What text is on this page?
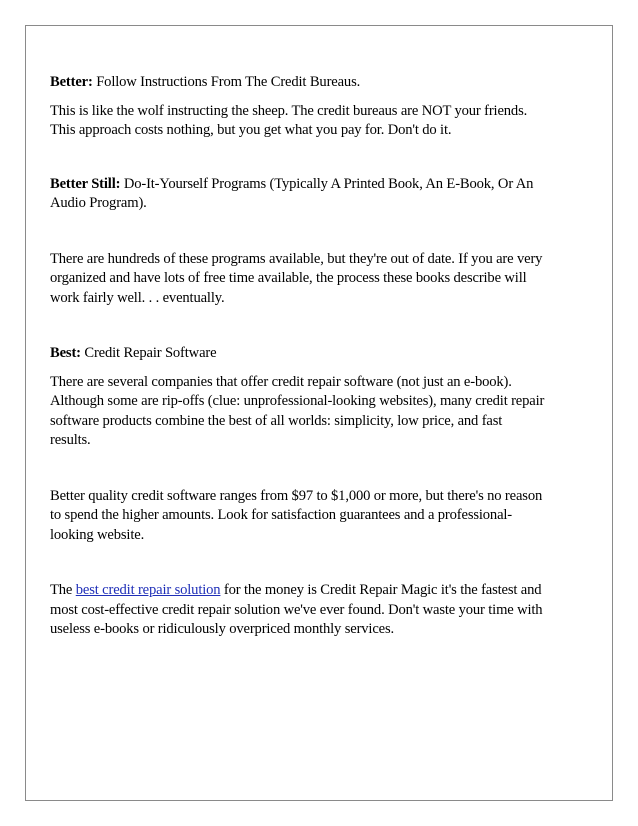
Better: Follow Instructions From The Credit Bureaus.

This is like the wolf instructing the sheep. The credit bureaus are NOT your friends. This approach costs nothing, but you get what you pay for. Don't do it.

Better Still: Do-It-Yourself Programs (Typically A Printed Book, An E-Book, Or An Audio Program).

There are hundreds of these programs available, but they're out of date. If you are very organized and have lots of free time available, the process these books describe will work fairly well. . . eventually.

Best: Credit Repair Software

There are several companies that offer credit repair software (not just an e-book). Although some are rip-offs (clue: unprofessional-looking websites), many credit repair software products combine the best of all worlds: simplicity, low price, and fast results.

Better quality credit software ranges from $97 to $1,000 or more, but there's no reason to spend the higher amounts. Look for satisfaction guarantees and a professional-looking website.

The best credit repair solution for the money is Credit Repair Magic it's the fastest and most cost-effective credit repair solution we've ever found. Don't waste your time with useless e-books or ridiculously overpriced monthly services.
